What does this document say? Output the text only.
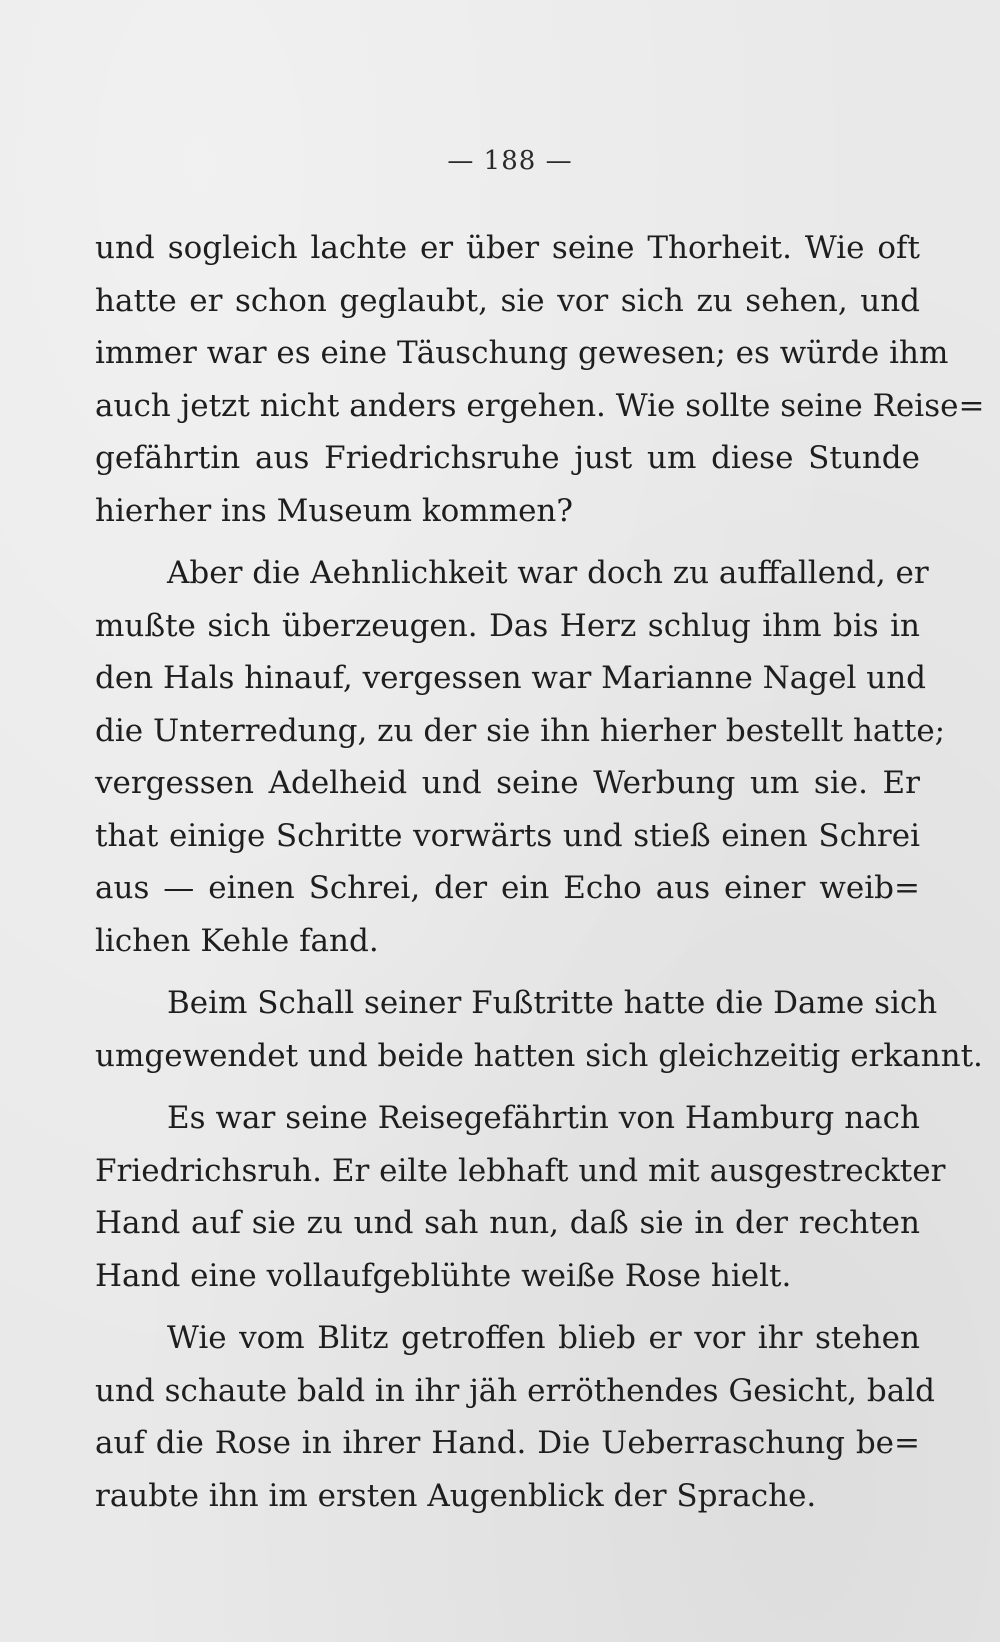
— 188 —
und sogleich lachte er über seine Thorheit. Wie oft
hatte er schon geglaubt, sie vor sich zu sehen, und
immer war es eine Täuschung gewesen; es würde ihm
auch jetzt nicht anders ergehen. Wie sollte seine Reise=
gefährtin aus Friedrichsruhe just um diese Stunde
hierher ins Museum kommen?
Aber die Aehnlichkeit war doch zu auffallend, er
mußte sich überzeugen. Das Herz schlug ihm bis in
den Hals hinauf, vergessen war Marianne Nagel und
die Unterredung, zu der sie ihn hierher bestellt hatte;
vergessen Adelheid und seine Werbung um sie. Er
that einige Schritte vorwärts und stieß einen Schrei
aus — einen Schrei, der ein Echo aus einer weib=
lichen Kehle fand.
Beim Schall seiner Fußtritte hatte die Dame sich
umgewendet und beide hatten sich gleichzeitig erkannt.
Es war seine Reisegefährtin von Hamburg nach
Friedrichsruh. Er eilte lebhaft und mit ausgestreckter
Hand auf sie zu und sah nun, daß sie in der rechten
Hand eine vollaufgeblühte weiße Rose hielt.
Wie vom Blitz getroffen blieb er vor ihr stehen
und schaute bald in ihr jäh erröthendes Gesicht, bald
auf die Rose in ihrer Hand. Die Ueberraschung be=
raubte ihn im ersten Augenblick der Sprache.
